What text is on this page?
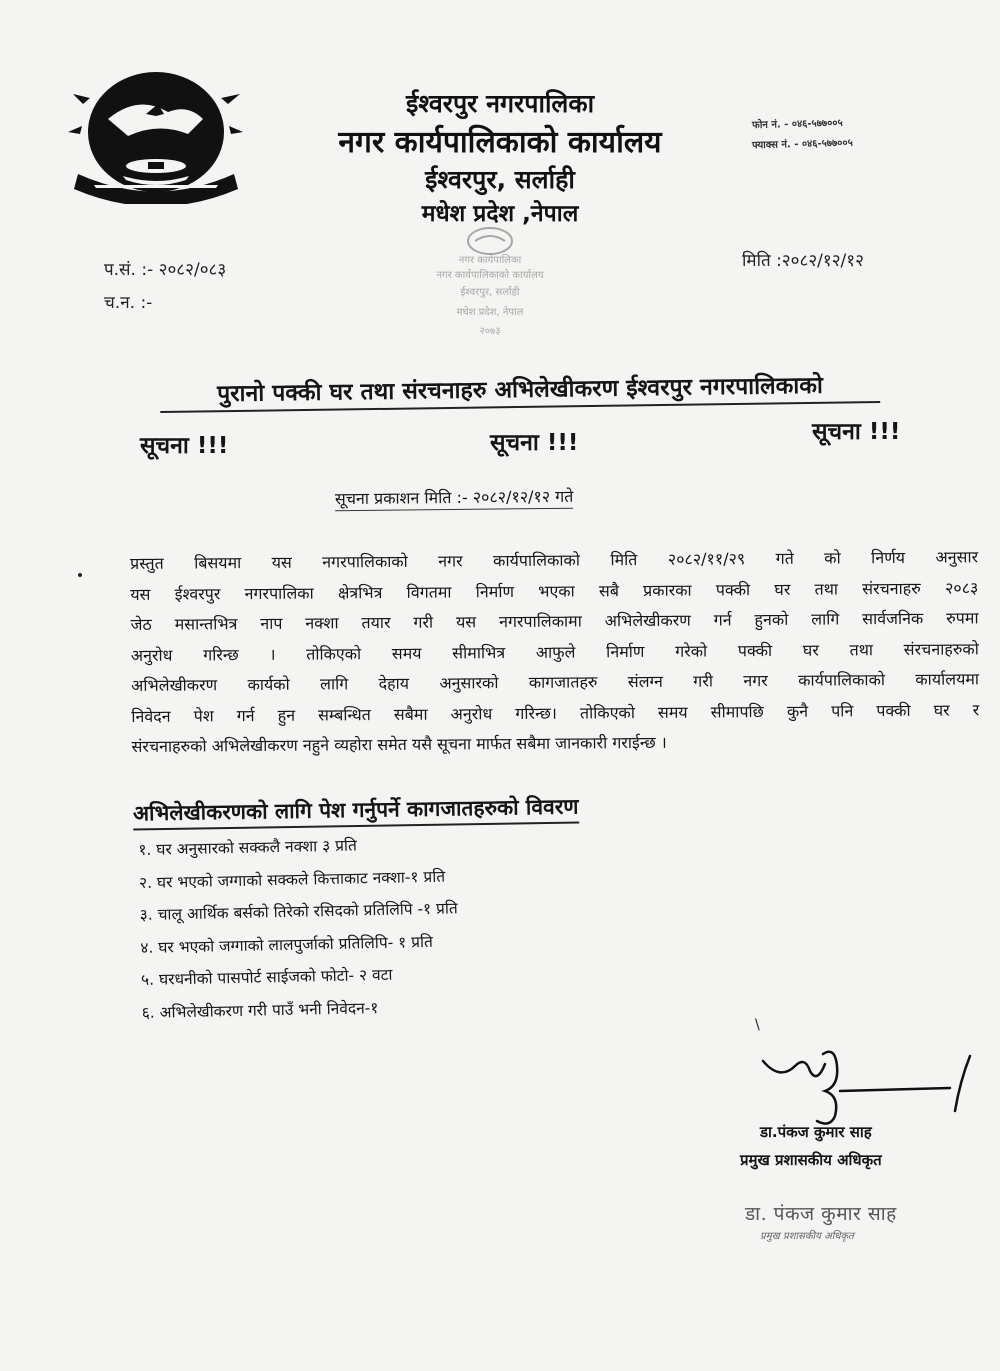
ईश्वरपुर नगरपालिका
नगर कार्यपालिकाको कार्यालय
ईश्वरपुर, सर्लाही
मधेश प्रदेश ,नेपाल
फोन नं. - ०४६-५७७००५
फ्याक्स नं. - ०४६-५७७००५
नगर कार्यपालिका
नगर कार्यपालिकाको कार्यालय
ईश्वरपुर, सर्लाही
मधेश प्रदेश, नेपाल
२०७३
प.सं. :- २०८२/०८३
च.न. :-
मिति :२०८२/१२/१२
पुरानो पक्की घर तथा संरचनाहरु अभिलेखीकरण ईश्वरपुर नगरपालिकाको
सूचना !!!	सूचना !!!	सूचना !!!
सूचना प्रकाशन मिति :- २०८२/१२/१२ गते
प्रस्तुत बिसयमा यस नगरपालिकाको नगर कार्यपालिकाको मिति २०८२/११/२९ गते को निर्णय अनुसार
यस ईश्वरपुर नगरपालिका क्षेत्रभित्र विगतमा निर्माण भएका सबै प्रकारका पक्की घर तथा संरचनाहरु २०८३
जेठ मसान्तभित्र नाप नक्शा तयार गरी यस नगरपालिकामा अभिलेखीकरण गर्न हुनको लागि सार्वजनिक रुपमा
अनुरोध गरिन्छ । तोकिएको समय सीमाभित्र आफुले निर्माण गरेको पक्की घर तथा संरचनाहरुको
अभिलेखीकरण कार्यको लागि देहाय अनुसारको कागजातहरु संलग्न गरी नगर कार्यपालिकाको कार्यालयमा
निवेदन पेश गर्न हुन सम्बन्धित सबैमा अनुरोध गरिन्छ। तोकिएको समय सीमापछि कुनै पनि पक्की घर र
संरचनाहरुको अभिलेखीकरण नहुने व्यहोरा समेत यसै सूचना मार्फत सबैमा जानकारी गराईन्छ ।
अभिलेखीकरणको लागि पेश गर्नुपर्ने कागजातहरुको विवरण
१. घर अनुसारको सक्कलै नक्शा ३ प्रति
२. घर भएको जग्गाको सक्कले कित्ताकाट नक्शा-१ प्रति
३. चालू आर्थिक बर्सको तिरेको रसिदको प्रतिलिपि -१ प्रति
४. घर भएको जग्गाको लालपुर्जाको प्रतिलिपि- १ प्रति
५. घरधनीको पासपोर्ट साईजको फोटो- २ वटा
६. अभिलेखीकरण गरी पाउँ भनी निवेदन-१
\
डा.पंकज कुमार साह
प्रमुख प्रशासकीय अधिकृत
डा. पंकज कुमार साह
प्रमुख प्रशासकीय अधिकृत
